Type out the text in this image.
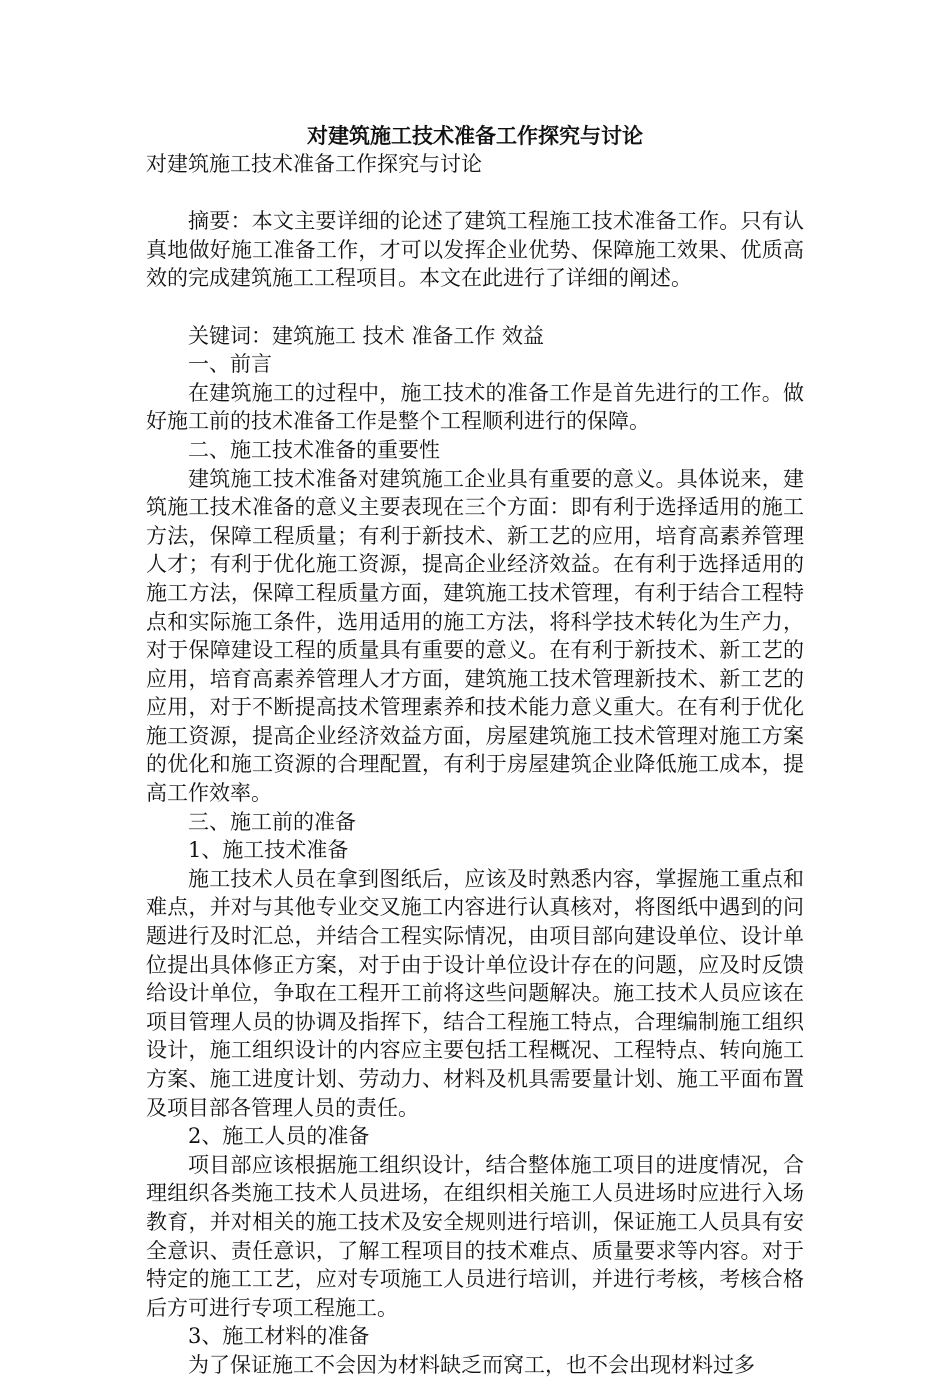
对建筑施工技术准备工作探究与讨论
对建筑施工技术准备工作探究与讨论

摘要：本文主要详细的论述了建筑工程施工技术准备工作。只有认真地做好施工准备工作，才可以发挥企业优势、保障施工效果、优质高效的完成建筑施工工程项目。本文在此进行了详细的阐述。

关键词：建筑施工 技术 准备工作 效益
一、前言

在建筑施工的过程中，施工技术的准备工作是首先进行的工作。做好施工前的技术准备工作是整个工程顺利进行的保障。

二、施工技术准备的重要性

建筑施工技术准备对建筑施工企业具有重要的意义。具体说来，建筑施工技术准备的意义主要表现在三个方面：即有利于选择适用的施工方法，保障工程质量；有利于新技术、新工艺的应用，培育高素养管理人才；有利于优化施工资源，提高企业经济效益。在有利于选择适用的施工方法，保障工程质量方面，建筑施工技术管理，有利于结合工程特点和实际施工条件，选用适用的施工方法，将科学技术转化为生产力，对于保障建设工程的质量具有重要的意义。在有利于新技术、新工艺的应用，培育高素养管理人才方面，建筑施工技术管理新技术、新工艺的应用，对于不断提高技术管理素养和技术能力意义重大。在有利于优化施工资源，提高企业经济效益方面，房屋建筑施工技术管理对施工方案的优化和施工资源的合理配置，有利于房屋建筑企业降低施工成本，提高工作效率。

三、施工前的准备
1、施工技术准备

施工技术人员在拿到图纸后，应该及时熟悉内容，掌握施工重点和难点，并对与其他专业交叉施工内容进行认真核对，将图纸中遇到的问题进行及时汇总，并结合工程实际情况，由项目部向建设单位、设计单位提出具体修正方案，对于由于设计单位设计存在的问题，应及时反馈给设计单位，争取在工程开工前将这些问题解决。施工技术人员应该在项目管理人员的协调及指挥下，结合工程施工特点，合理编制施工组织设计，施工组织设计的内容应主要包括工程概况、工程特点、转向施工方案、施工进度计划、劳动力、材料及机具需要量计划、施工平面布置及项目部各管理人员的责任。

2、施工人员的准备

项目部应该根据施工组织设计，结合整体施工项目的进度情况，合理组织各类施工技术人员进场，在组织相关施工人员进场时应进行入场教育，并对相关的施工技术及安全规则进行培训，保证施工人员具有安全意识、责任意识，了解工程项目的技术难点、质量要求等内容。对于特定的施工工艺，应对专项施工人员进行培训，并进行考核，考核合格后方可进行专项工程施工。

3、施工材料的准备

为了保证施工不会因为材料缺乏而窝工，也不会出现材料过多
